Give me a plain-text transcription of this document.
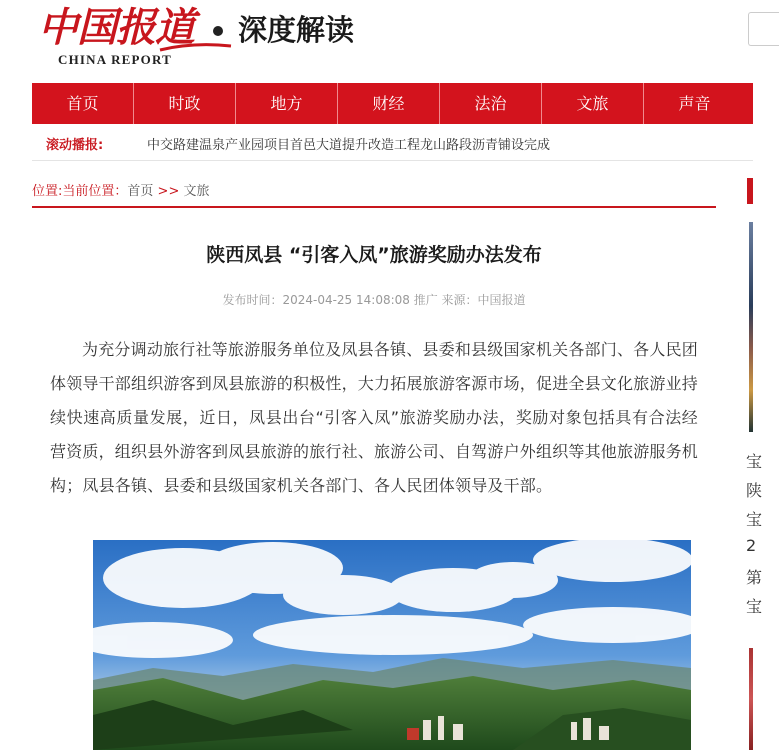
中国报道
CHINA REPORT
深度解读
首页	时政	地方	财经	法治	文旅	声音
滚动播报:	中交路建温泉产业园项目首邑大道提升改造工程龙山路段沥青铺设完成
位置:当前位置：首页 >> 文旅
陕西凤县 “引客入凤”旅游奖励办法发布
发布时间：2024-04-25 14:08:08 推广 来源：中国报道
为充分调动旅行社等旅游服务单位及凤县各镇、县委和县级国家机关各部门、各人民团体领导干部组织游客到凤县旅游的积极性，大力拓展旅游客源市场，促进全县文化旅游业持续快速高质量发展，近日，凤县出台“引客入凤”旅游奖励办法，奖励对象包括具有合法经营资质，组织县外游客到凤县旅游的旅行社、旅游公司、自驾游户外组织等其他旅游服务机构；凤县各镇、县委和县级国家机关各部门、各人民团体领导及干部。
宝
陕
宝
2
第
宝
